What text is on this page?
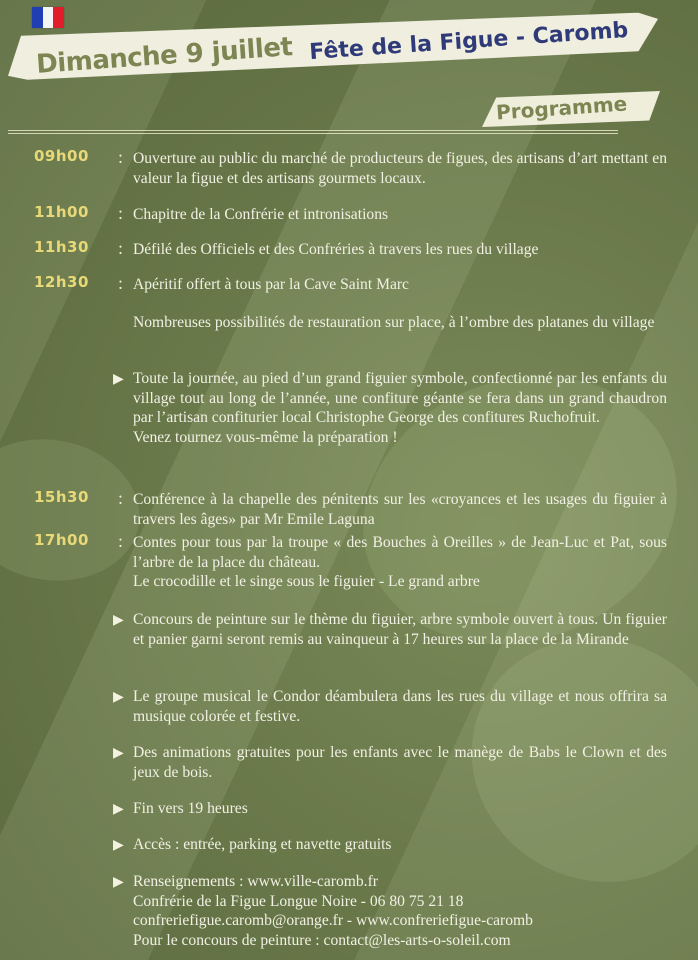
Dimanche 9 juillet Fête de la Figue - Caromb
Programme
09h00 : Ouverture au public du marché de producteurs de figues, des artisans d’art mettant en valeur la figue et des artisans gourmets locaux.
11h00 : Chapitre de la Confrérie et intronisations
11h30 : Défilé des Officiels et des Confréries à travers les rues du village
12h30 : Apéritif offert à tous par la Cave Saint Marc
Nombreuses possibilités de restauration sur place, à l’ombre des platanes du village
▶ Toute la journée, au pied d’un grand figuier symbole, confectionné par les enfants du village tout au long de l’année, une confiture géante se fera dans un grand chaudron par l’artisan confiturier local Christophe George des confitures Ruchofruit.
Venez tournez vous-même la préparation !
15h30 : Conférence à la chapelle des pénitents sur les «croyances et les usages du figuier à travers les âges» par Mr Emile Laguna
17h00 : Contes pour tous par la troupe « des Bouches à Oreilles » de Jean-Luc et Pat, sous l’arbre de la place du château.
Le crocodille et le singe sous le figuier - Le grand arbre
▶ Concours de peinture sur le thème du figuier, arbre symbole ouvert à tous. Un figuier et panier garni seront remis au vainqueur à 17 heures sur la place de la Mirande
▶ Le groupe musical le Condor déambulera dans les rues du village et nous offrira sa musique colorée et festive.
▶ Des animations gratuites pour les enfants avec le manège de Babs le Clown et des jeux de bois.
▶ Fin vers 19 heures
▶ Accès : entrée, parking et navette gratuits
▶ Renseignements : www.ville-caromb.fr
Confrérie de la Figue Longue Noire - 06 80 75 21 18
confreriefigue.caromb@orange.fr - www.confreriefigue-caromb
Pour le concours de peinture : contact@les-arts-o-soleil.com
